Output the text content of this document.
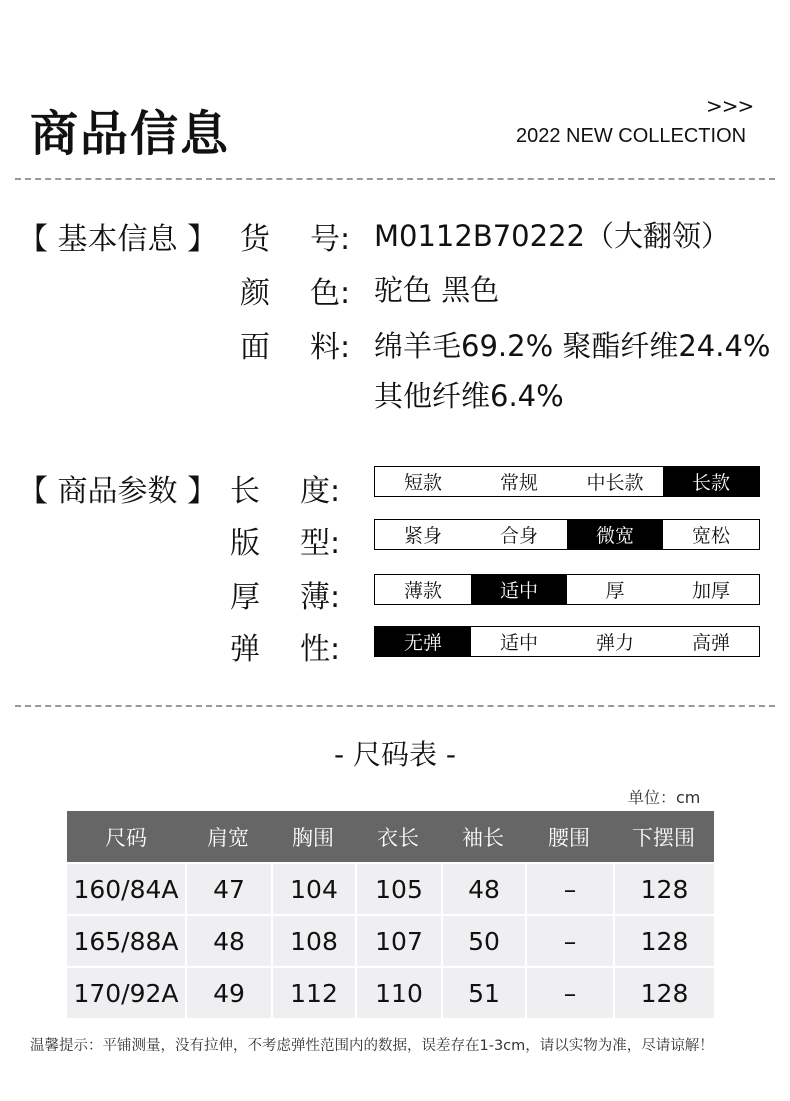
商品信息	>>>
2022 NEW COLLECTION
【 基本信息 】 货 号: M0112B70222（大翻领）
颜 色: 驼色 黑色
面 料: 绵羊毛69.2% 聚酯纤维24.4%
其他纤维6.4%
【 商品参数 】 长 度:	短款	常规	中长款	长款
版 型:	紧身	合身	微宽	宽松
厚 薄:	薄款	适中	厚	加厚
弹 性:	无弹	适中	弹力	高弹
- 尺码表 -
单位：cm
尺码	肩宽	胸围	衣长	袖长	腰围	下摆围
160/84A	47	104	105	48	–	128
165/88A	48	108	107	50	–	128
170/92A	49	112	110	51	–	128
温馨提示：平铺测量，没有拉伸，不考虑弹性范围内的数据，误差存在1-3cm，请以实物为准，尽请谅解！
